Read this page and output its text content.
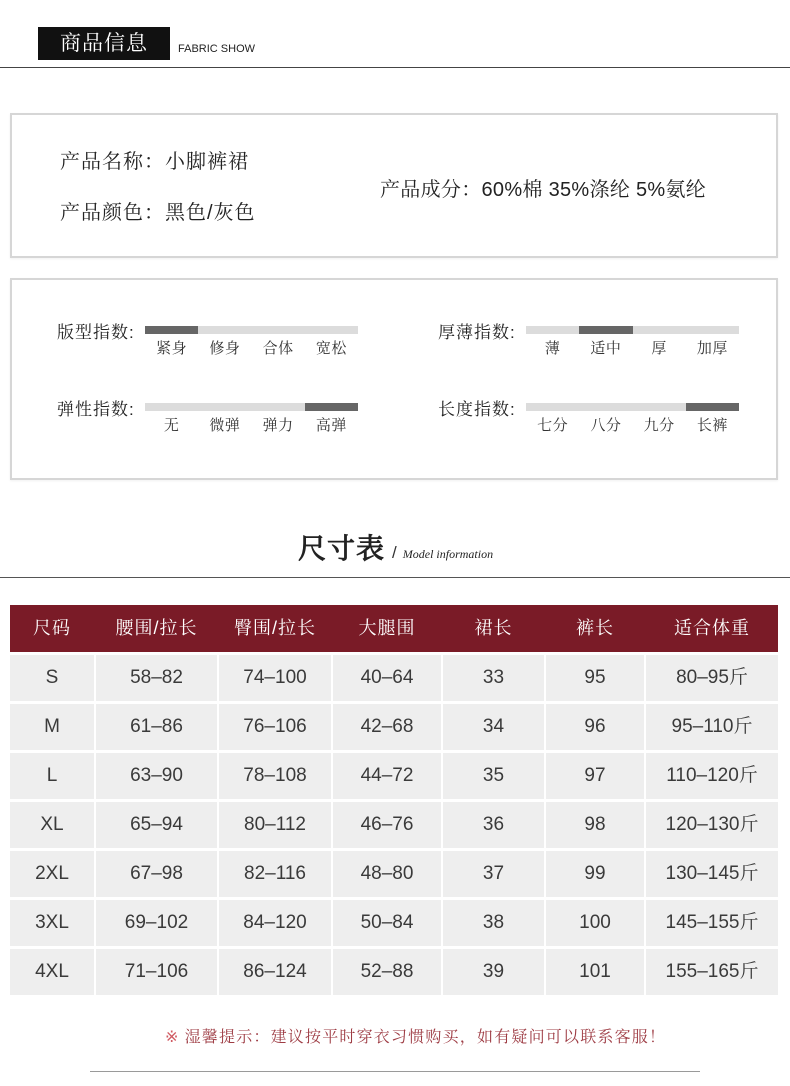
商品信息	FABRIC SHOW
产品名称：小脚裤裙
产品颜色：黑色/灰色
产品成分：60%棉 35%涤纶 5%氨纶
版型指数:
紧身	修身	合体	宽松
厚薄指数:
薄	适中	厚	加厚
弹性指数:
无	微弹	弹力	高弹
长度指数:
七分	八分	九分	长裤
尺寸表 / Model information
尺码	腰围/拉长	臀围/拉长	大腿围	裙长	裤长	适合体重
S	58–82	74–100	40–64	33	95	80–95斤
M	61–86	76–106	42–68	34	96	95–110斤
L	63–90	78–108	44–72	35	97	110–120斤
XL	65–94	80–112	46–76	36	98	120–130斤
2XL	67–98	82–116	48–80	37	99	130–145斤
3XL	69–102	84–120	50–84	38	100	145–155斤
4XL	71–106	86–124	52–88	39	101	155–165斤
※ 湿馨提示：建议按平时穿衣习惯购买，如有疑问可以联系客服！
